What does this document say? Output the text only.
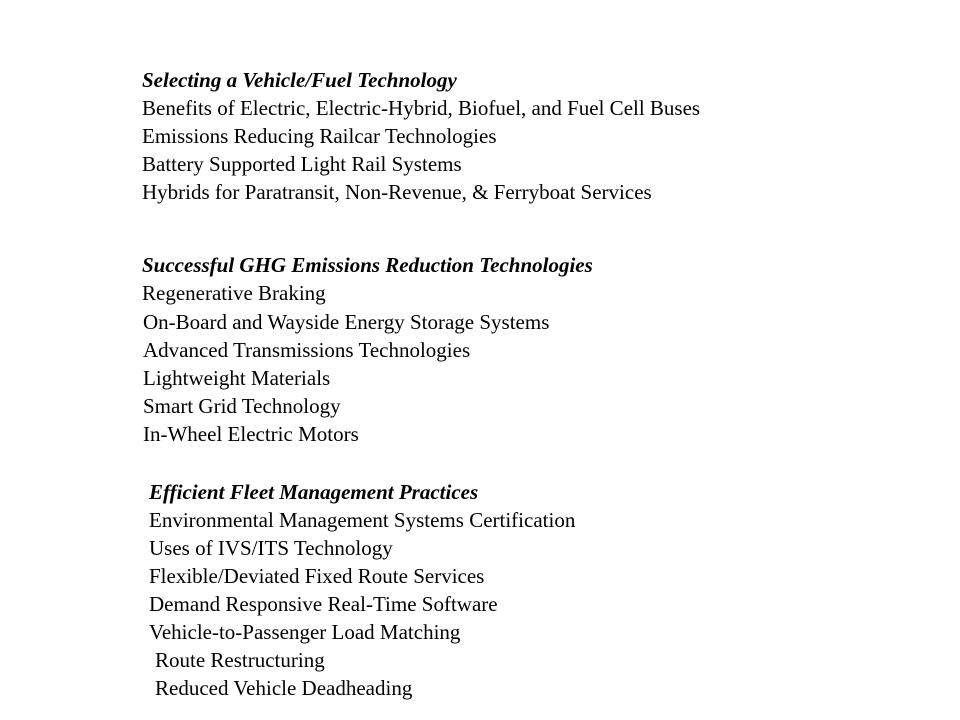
Selecting a Vehicle/Fuel Technology
Benefits of Electric, Electric-Hybrid, Biofuel, and Fuel Cell Buses
Emissions Reducing Railcar Technologies
Battery Supported Light Rail Systems
Hybrids for Paratransit, Non-Revenue, & Ferryboat Services
Successful GHG Emissions Reduction Technologies
Regenerative Braking
On-Board and Wayside Energy Storage Systems
Advanced Transmissions Technologies
Lightweight Materials
Smart Grid Technology
In-Wheel Electric Motors
Efficient Fleet Management Practices
Environmental Management Systems Certification
Uses of IVS/ITS Technology
Flexible/Deviated Fixed Route Services
Demand Responsive Real-Time Software
Vehicle-to-Passenger Load Matching
Route Restructuring
Reduced Vehicle Deadheading
